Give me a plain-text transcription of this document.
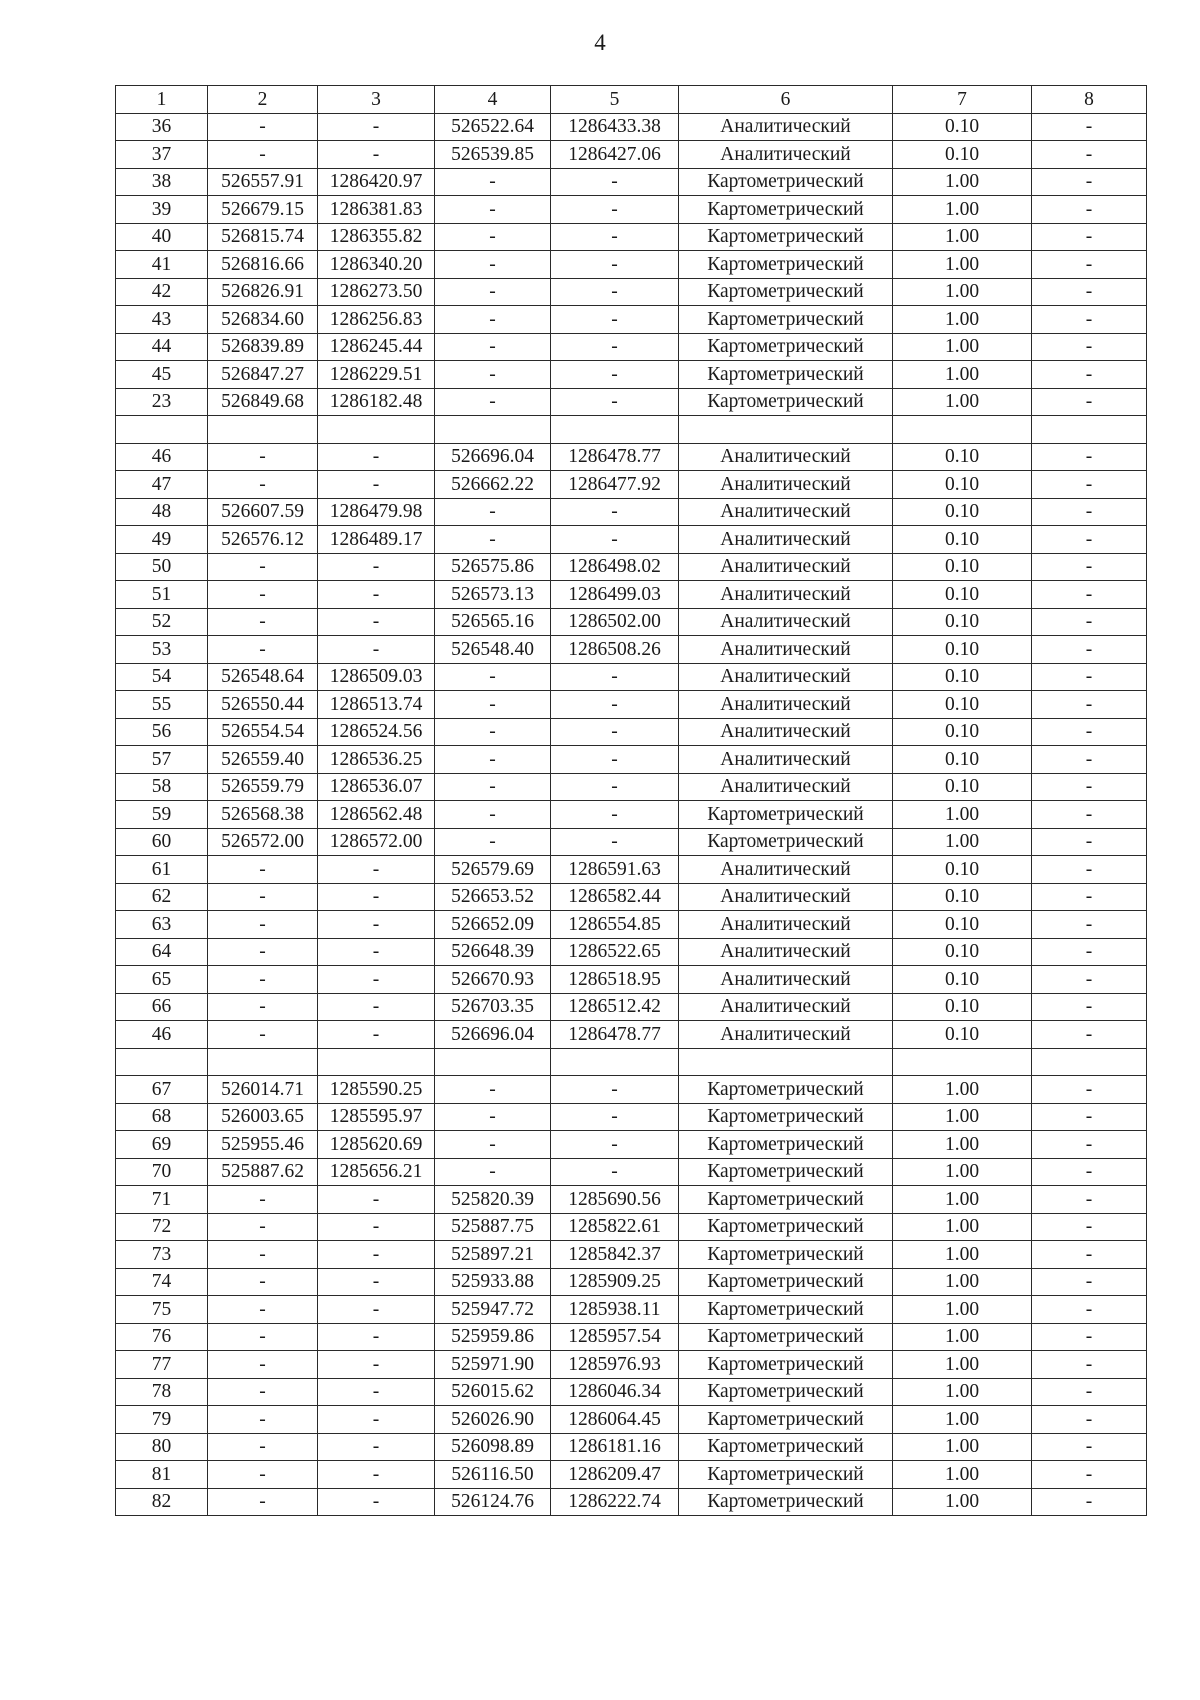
4
1	2	3	4	5	6	7	8
36	-	-	526522.64	1286433.38	Аналитический	0.10	-
37	-	-	526539.85	1286427.06	Аналитический	0.10	-
38	526557.91	1286420.97	-	-	Картометрический	1.00	-
39	526679.15	1286381.83	-	-	Картометрический	1.00	-
40	526815.74	1286355.82	-	-	Картометрический	1.00	-
41	526816.66	1286340.20	-	-	Картометрический	1.00	-
42	526826.91	1286273.50	-	-	Картометрический	1.00	-
43	526834.60	1286256.83	-	-	Картометрический	1.00	-
44	526839.89	1286245.44	-	-	Картометрический	1.00	-
45	526847.27	1286229.51	-	-	Картометрический	1.00	-
23	526849.68	1286182.48	-	-	Картометрический	1.00	-

46	-	-	526696.04	1286478.77	Аналитический	0.10	-
47	-	-	526662.22	1286477.92	Аналитический	0.10	-
48	526607.59	1286479.98	-	-	Аналитический	0.10	-
49	526576.12	1286489.17	-	-	Аналитический	0.10	-
50	-	-	526575.86	1286498.02	Аналитический	0.10	-
51	-	-	526573.13	1286499.03	Аналитический	0.10	-
52	-	-	526565.16	1286502.00	Аналитический	0.10	-
53	-	-	526548.40	1286508.26	Аналитический	0.10	-
54	526548.64	1286509.03	-	-	Аналитический	0.10	-
55	526550.44	1286513.74	-	-	Аналитический	0.10	-
56	526554.54	1286524.56	-	-	Аналитический	0.10	-
57	526559.40	1286536.25	-	-	Аналитический	0.10	-
58	526559.79	1286536.07	-	-	Аналитический	0.10	-
59	526568.38	1286562.48	-	-	Картометрический	1.00	-
60	526572.00	1286572.00	-	-	Картометрический	1.00	-
61	-	-	526579.69	1286591.63	Аналитический	0.10	-
62	-	-	526653.52	1286582.44	Аналитический	0.10	-
63	-	-	526652.09	1286554.85	Аналитический	0.10	-
64	-	-	526648.39	1286522.65	Аналитический	0.10	-
65	-	-	526670.93	1286518.95	Аналитический	0.10	-
66	-	-	526703.35	1286512.42	Аналитический	0.10	-
46	-	-	526696.04	1286478.77	Аналитический	0.10	-

67	526014.71	1285590.25	-	-	Картометрический	1.00	-
68	526003.65	1285595.97	-	-	Картометрический	1.00	-
69	525955.46	1285620.69	-	-	Картометрический	1.00	-
70	525887.62	1285656.21	-	-	Картометрический	1.00	-
71	-	-	525820.39	1285690.56	Картометрический	1.00	-
72	-	-	525887.75	1285822.61	Картометрический	1.00	-
73	-	-	525897.21	1285842.37	Картометрический	1.00	-
74	-	-	525933.88	1285909.25	Картометрический	1.00	-
75	-	-	525947.72	1285938.11	Картометрический	1.00	-
76	-	-	525959.86	1285957.54	Картометрический	1.00	-
77	-	-	525971.90	1285976.93	Картометрический	1.00	-
78	-	-	526015.62	1286046.34	Картометрический	1.00	-
79	-	-	526026.90	1286064.45	Картометрический	1.00	-
80	-	-	526098.89	1286181.16	Картометрический	1.00	-
81	-	-	526116.50	1286209.47	Картометрический	1.00	-
82	-	-	526124.76	1286222.74	Картометрический	1.00	-
